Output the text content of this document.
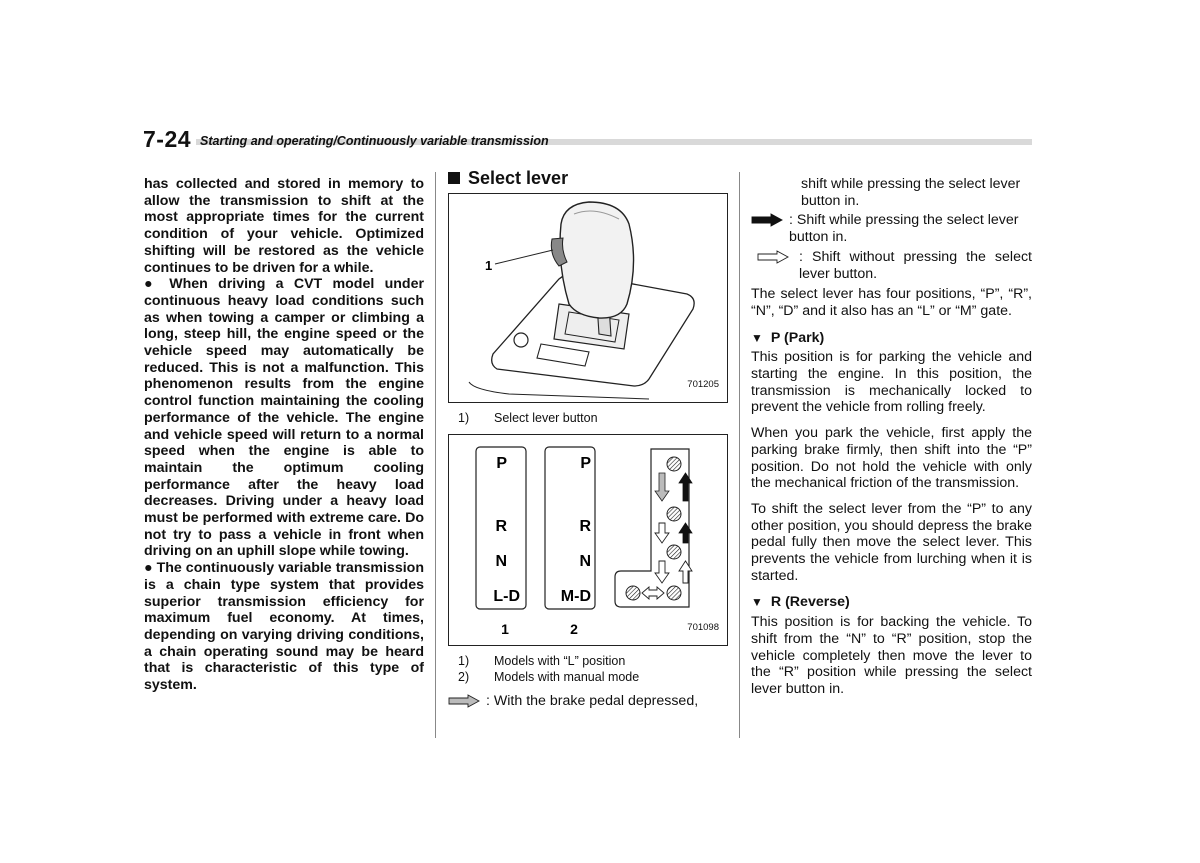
7-24 Starting and operating/Continuously variable transmission

has collected and stored in memory to allow the transmission to shift at the most appropriate times for the current condition of your vehicle. Optimized shifting will be restored as the vehicle continues to be driven for a while.

● When driving a CVT model under continuous heavy load conditions such as when towing a camper or climbing a long, steep hill, the engine speed or the vehicle speed may automatically be reduced. This is not a malfunction. This phenomenon results from the engine control function maintaining the cooling performance of the vehicle. The engine and vehicle speed will return to a normal speed when the engine is able to maintain the optimum cooling performance after the heavy load decreases. Driving under a heavy load must be performed with extreme care. Do not try to pass a vehicle in front when driving on an uphill slope while towing.

● The continuously variable transmission is a chain type system that provides superior transmission efficiency for maximum fuel economy. At times, depending on varying driving conditions, a chain operating sound may be heard that is characteristic of this type of system.

Select lever
1
701205
1)	Select lever button
P
R
N
L-D
1
P
R
N
M-D
2	701098
1)	Models with “L” position
2)	Models with manual mode
: With the brake pedal depressed,

shift while pressing the select lever button in.

: Shift while pressing the select lever button in.
: Shift without pressing the select lever button.

The select lever has four positions, “P”, “R”, “N”, “D” and it also has an “L” or “M” gate.

▼ P (Park)

This position is for parking the vehicle and starting the engine. In this position, the transmission is mechanically locked to prevent the vehicle from rolling freely.

When you park the vehicle, first apply the parking brake firmly, then shift into the “P” position. Do not hold the vehicle with only the mechanical friction of the transmission.

To shift the select lever from the “P” to any other position, you should depress the brake pedal fully then move the select lever. This prevents the vehicle from lurching when it is started.

▼ R (Reverse)

This position is for backing the vehicle. To shift from the “N” to “R” position, stop the vehicle completely then move the lever to the “R” position while pressing the select lever button in.
